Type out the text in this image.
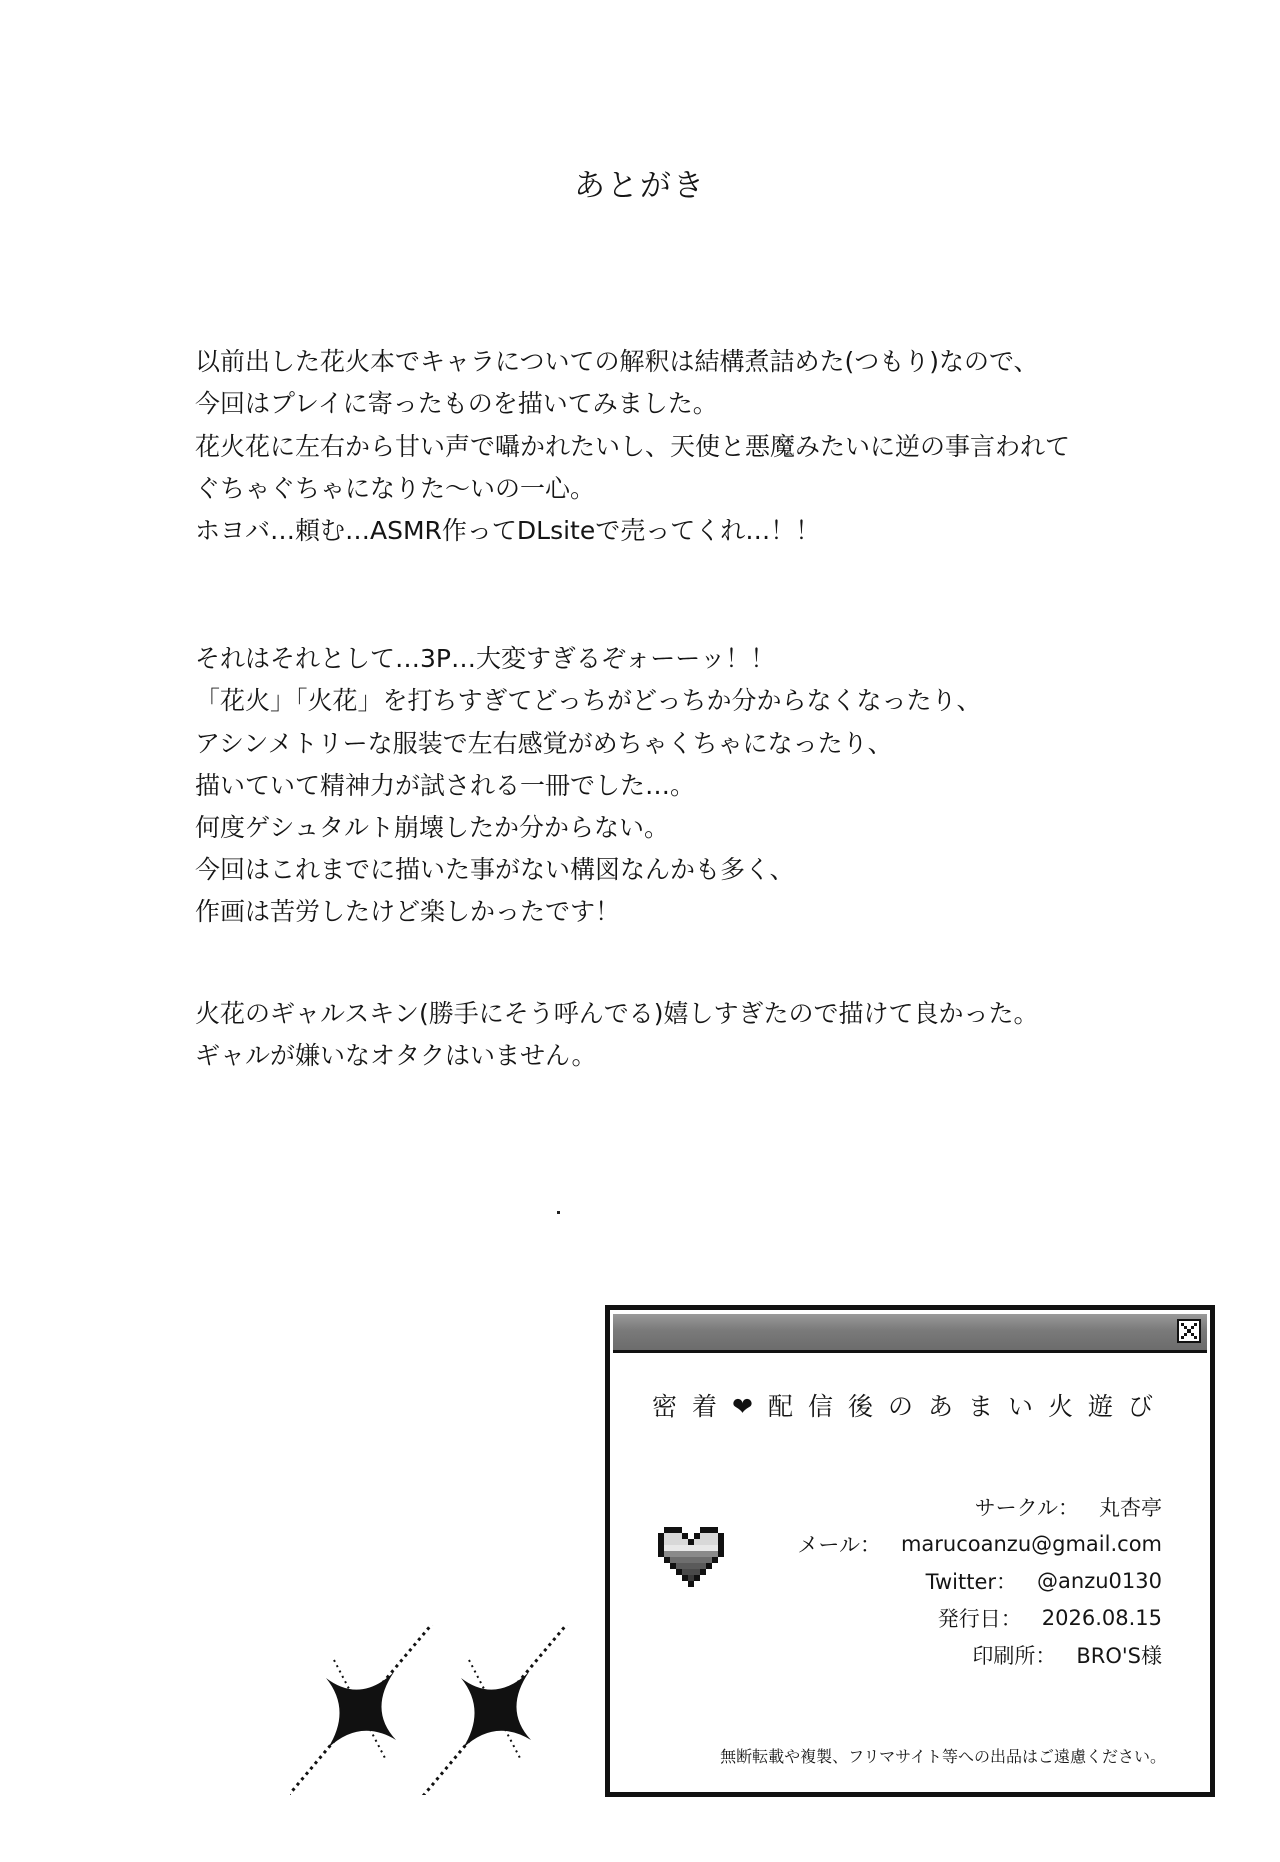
あとがき
以前出した花火本でキャラについての解釈は結構煮詰めた(つもり)なので、
今回はプレイに寄ったものを描いてみました。
花火花に左右から甘い声で囁かれたいし、天使と悪魔みたいに逆の事言われて
ぐちゃぐちゃになりた〜いの一心。
ホヨバ…頼む…ASMR作ってDLsiteで売ってくれ…！！
それはそれとして…3P…大変すぎるぞォーーッ！！
「花火」「火花」を打ちすぎてどっちがどっちか分からなくなったり、
アシンメトリーな服装で左右感覚がめちゃくちゃになったり、
描いていて精神力が試される一冊でした…。
何度ゲシュタルト崩壊したか分からない。
今回はこれまでに描いた事がない構図なんかも多く、
作画は苦労したけど楽しかったです！
火花のギャルスキン(勝手にそう呼んでる)嬉しすぎたので描けて良かった。
ギャルが嫌いなオタクはいません。
密着❤配信後のあまい火遊び
サークル： 丸杏亭
メール： marucoanzu@gmail.com
Twitter： @anzu0130
発行日： 2026.08.15
印刷所： BRO'S様
無断転載や複製、フリマサイト等への出品はご遠慮ください。
